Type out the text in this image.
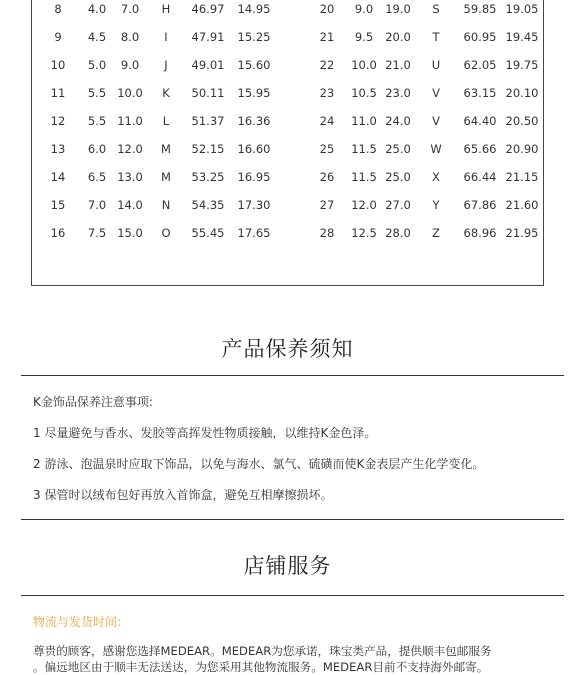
8	4.0	7.0	H	46.97	14.95	20	9.0	19.0	S	59.85 19.05
9	4.5	8.0	I	47.91	15.25	21	9.5	20.0	T	60.95 19.45
10	5.0	9.0	J	49.01	15.60	22	10.0 21.0	U	62.05 19.75
11	5.5 10.0	K	50.11	15.95	23	10.5 23.0	V	63.15 20.10
12	5.5 11.0	L	51.37	16.36	24	11.0 24.0	V	64.40 20.50
13	6.0 12.0	M	52.15	16.60	25	11.5 25.0	W	65.66 20.90
14	6.5 13.0	M	53.25	16.95	26	11.5 25.0	X	66.44 21.15
15	7.0 14.0	N	54.35	17.30	27	12.0 27.0	Y	67.86 21.60
16	7.5 15.0	O	55.45	17.65	28	12.5 28.0	Z	68.96 21.95
产品保养须知
K金饰品保养注意事项:
1 尽量避免与香水、发胶等高挥发性物质接触，以维持K金色泽。
2 游泳、泡温泉时应取下饰品，以免与海水、氯气、硫磺而使K金表层产生化学变化。
3 保管时以绒布包好再放入首饰盒，避免互相摩擦损坏。
店铺服务
物流与发货时间:
尊贵的顾客，感谢您选择MEDEAR。MEDEAR为您承诺，珠宝类产品，提供顺丰包邮服务
。偏远地区由于顺丰无法送达，为您采用其他物流服务。MEDEAR目前不支持海外邮寄。
